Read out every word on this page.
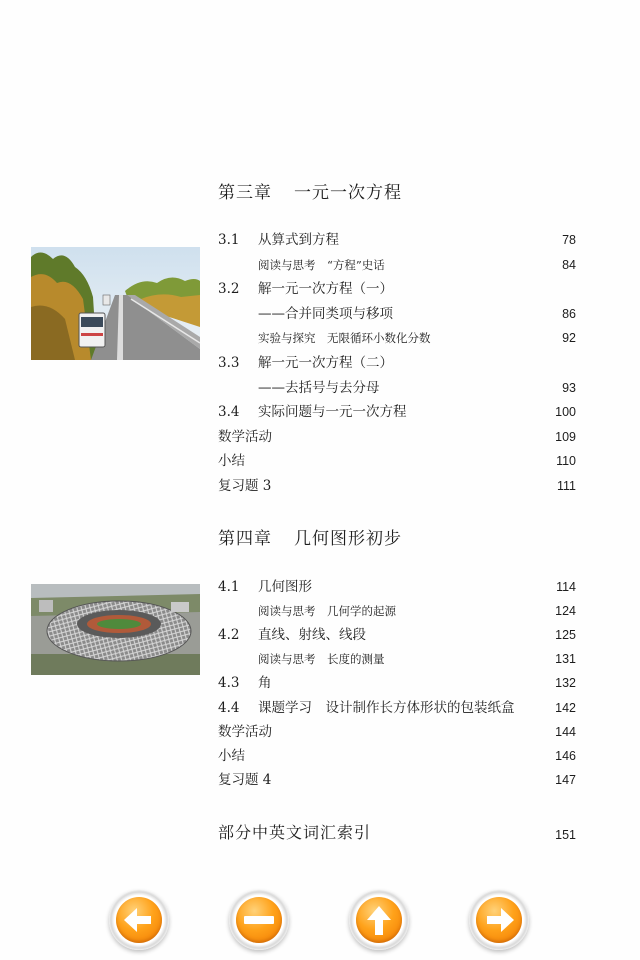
第三章 一元一次方程
3.1 从算式到方程	78
阅读与思考　“方程”史话	84
3.2 解一元一次方程（一）
——合并同类项与移项	86
实验与探究　无限循环小数化分数	92
3.3 解一元一次方程（二）
——去括号与去分母	93
3.4 实际问题与一元一次方程	100
数学活动	109
小结	110
复习题 3	111
第四章 几何图形初步
4.1 几何图形	114
阅读与思考　几何学的起源	124
4.2 直线、射线、线段	125
阅读与思考　长度的测量	131
4.3 角	132
4.4 课题学习　设计制作长方体形状的包装纸盒	142
数学活动	144
小结	146
复习题 4	147
部分中英文词汇索引	151
